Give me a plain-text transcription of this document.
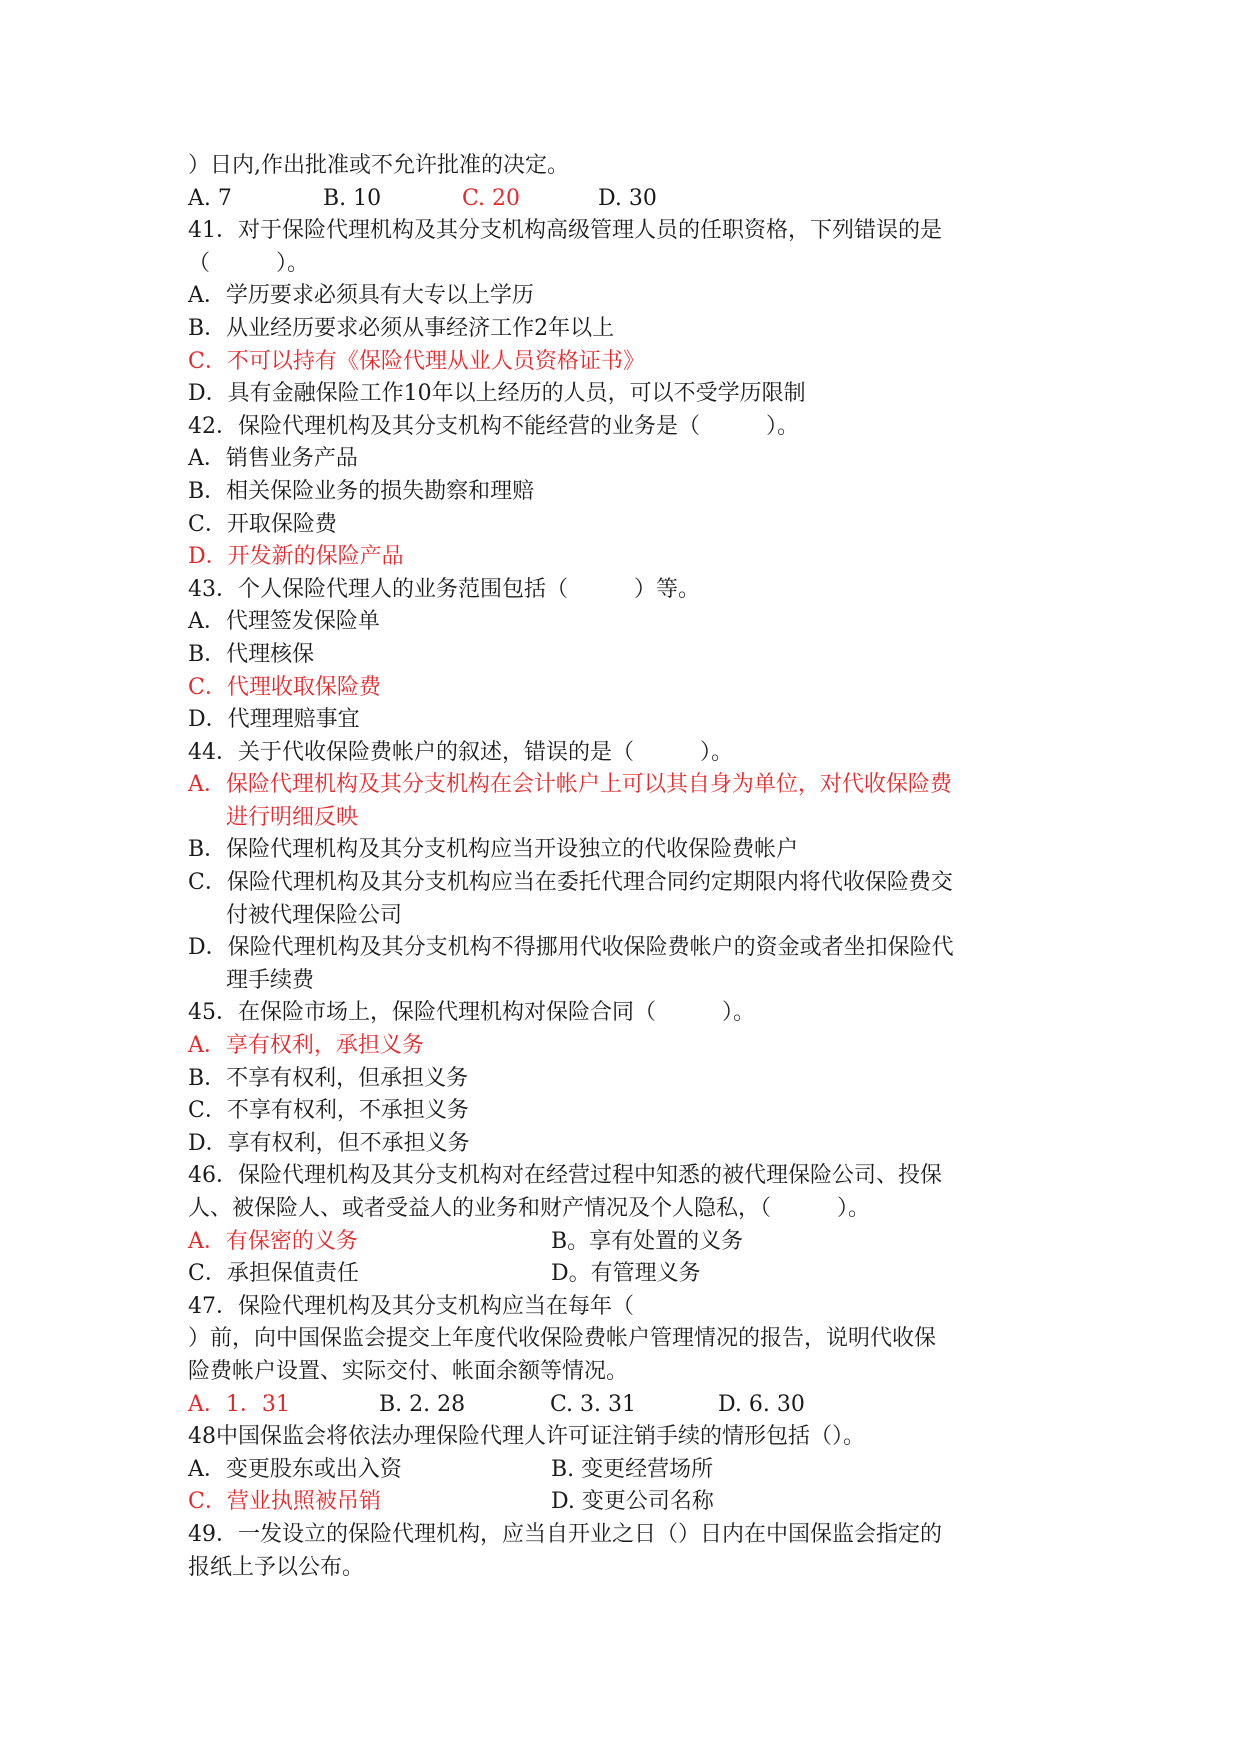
）日内,作出批准或不允许批准的决定。
A. 7	B. 10	C. 20	D. 30
41．对于保险代理机构及其分支机构高级管理人员的任职资格，下列错误的是
（　　　）。
A．学历要求必须具有大专以上学历
B．从业经历要求必须从事经济工作2年以上
C．不可以持有《保险代理从业人员资格证书》
D．具有金融保险工作10年以上经历的人员，可以不受学历限制
42．保险代理机构及其分支机构不能经营的业务是（　　　）。
A．销售业务产品
B．相关保险业务的损失勘察和理赔
C．开取保险费
D．开发新的保险产品
43．个人保险代理人的业务范围包括（　　　）等。
A．代理签发保险单
B．代理核保
C．代理收取保险费
D．代理理赔事宜
44．关于代收保险费帐户的叙述，错误的是（　　　）。
A．保险代理机构及其分支机构在会计帐户上可以其自身为单位，对代收保险费
进行明细反映
B．保险代理机构及其分支机构应当开设独立的代收保险费帐户
C．保险代理机构及其分支机构应当在委托代理合同约定期限内将代收保险费交
付被代理保险公司
D．保险代理机构及其分支机构不得挪用代收保险费帐户的资金或者坐扣保险代
理手续费
45．在保险市场上，保险代理机构对保险合同（　　　）。
A．享有权利，承担义务
B．不享有权利，但承担义务
C．不享有权利，不承担义务
D．享有权利，但不承担义务
46．保险代理机构及其分支机构对在经营过程中知悉的被代理保险公司、投保
人、被保险人、或者受益人的业务和财产情况及个人隐私，（　　　）。
A．有保密的义务	B。享有处置的义务
C．承担保值责任	D。有管理义务
47．保险代理机构及其分支机构应当在每年（
）前，向中国保监会提交上年度代收保险费帐户管理情况的报告，说明代收保
险费帐户设置、实际交付、帐面余额等情况。
A．1．31	B. 2. 28	C. 3. 31	D. 6. 30
48中国保监会将依法办理保险代理人许可证注销手续的情形包括（）。
A．变更股东或出入资	B. 变更经营场所
C．营业执照被吊销	D. 变更公司名称
49．一发设立的保险代理机构，应当自开业之日（）日内在中国保监会指定的
报纸上予以公布。
